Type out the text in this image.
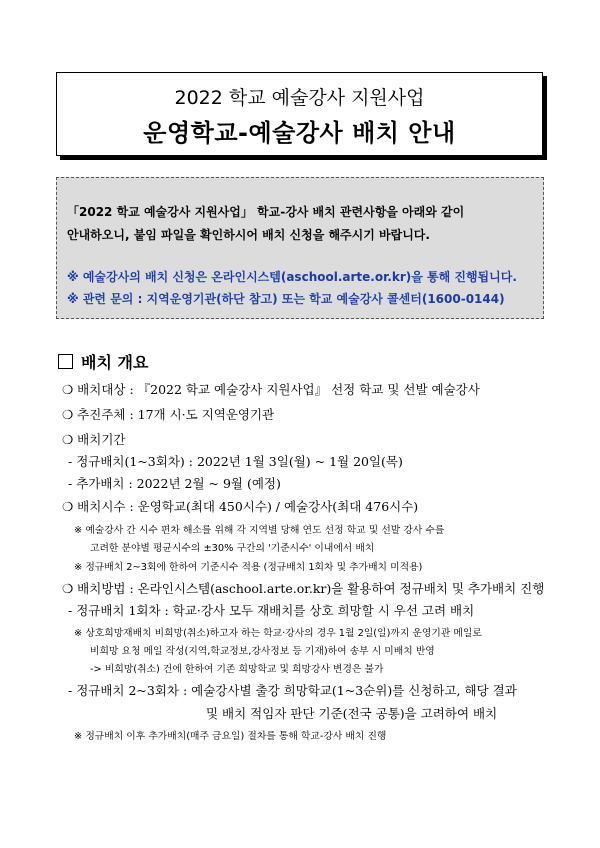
2022 학교 예술강사 지원사업
운영학교-예술강사 배치 안내
「2022 학교 예술강사 지원사업」 학교-강사 배치 관련사항을 아래와 같이
안내하오니, 붙임 파일을 확인하시어 배치 신청을 해주시기 바랍니다.
※ 예술강사의 배치 신청은 온라인시스템(aschool.arte.or.kr)을 통해 진행됩니다.
※ 관련 문의 : 지역운영기관(하단 참고) 또는 학교 예술강사 콜센터(1600-0144)
배치 개요
❍ 배치대상 : 『2022 학교 예술강사 지원사업』 선정 학교 및 선발 예술강사
❍ 추진주체 : 17개 시·도 지역운영기관
❍ 배치기간
- 정규배치(1~3회차) : 2022년 1월 3일(월) ~ 1월 20일(목)
- 추가배치 : 2022년 2월 ~ 9월 (예정)
❍ 배치시수 : 운영학교(최대 450시수) / 예술강사(최대 476시수)
※ 예술강사 간 시수 편차 해소를 위해 각 지역별 당해 연도 선정 학교 및 선발 강사 수를
고려한 분야별 평균시수의 ±30% 구간의 '기준시수' 이내에서 배치
※ 정규배치 2~3회에 한하여 기준시수 적용 (정규배치 1회차 및 추가배치 미적용)
❍ 배치방법 : 온라인시스템(aschool.arte.or.kr)을 활용하여 정규배치 및 추가배치 진행
- 정규배치 1회차 : 학교·강사 모두 재배치를 상호 희망할 시 우선 고려 배치
※ 상호희망재배치 비희망(취소)하고자 하는 학교·강사의 경우 1월 2일(일)까지 운영기관 메일로
비희망 요청 메일 작성(지역,학교정보,강사정보 등 기재)하여 송부 시 미배치 반영
-> 비희망(취소) 건에 한하여 기존 희망학교 및 희망강사 변경은 불가
- 정규배치 2~3회차 : 예술강사별 출강 희망학교(1~3순위)를 신청하고, 해당 결과
및 배치 적임자 판단 기준(전국 공통)을 고려하여 배치
※ 정규배치 이후 추가배치(매주 금요일) 절차를 통해 학교-강사 배치 진행
